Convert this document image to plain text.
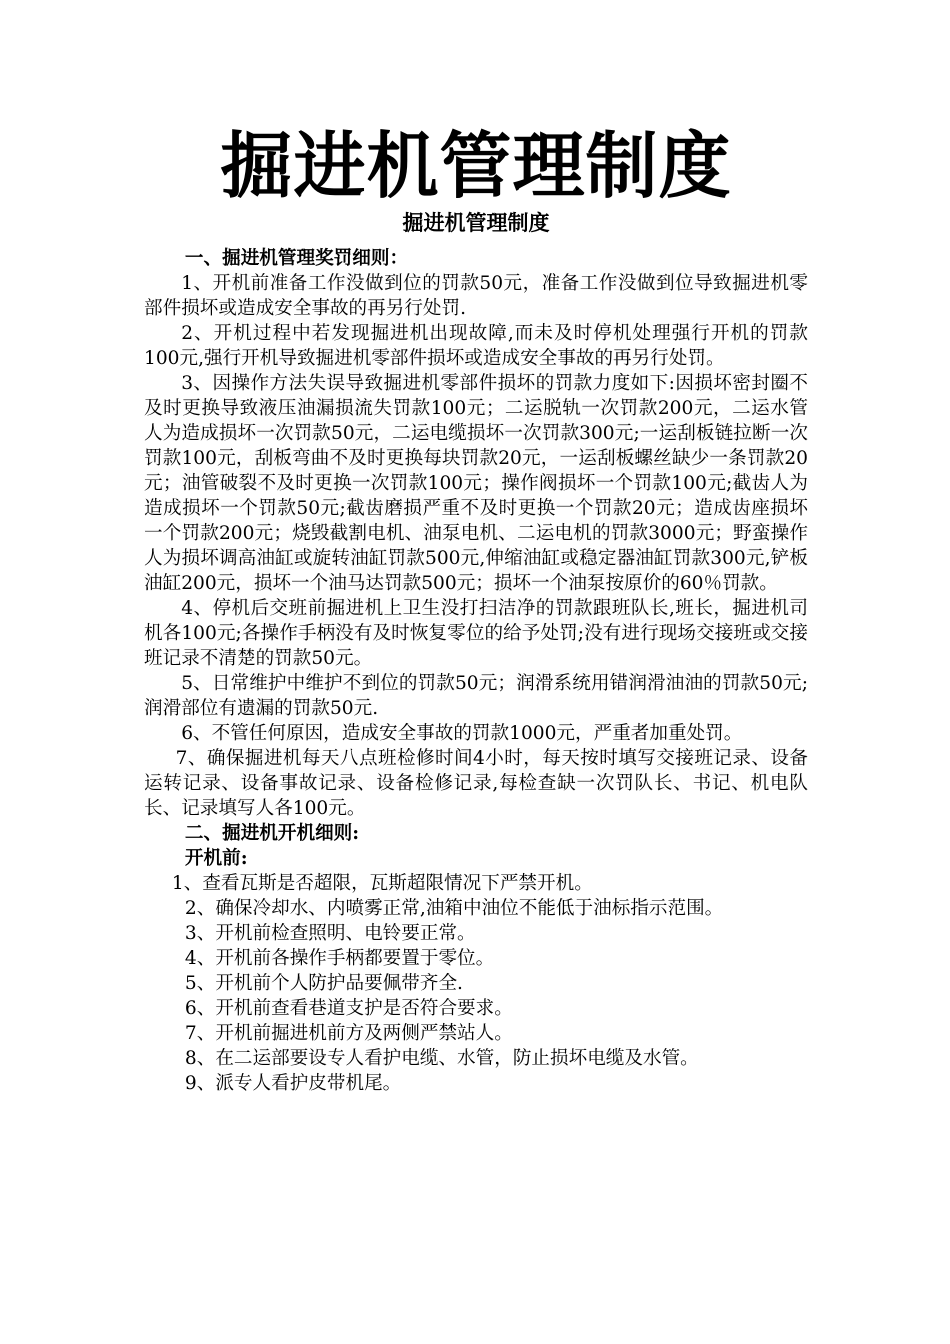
掘进机管理制度
掘进机管理制度

一、掘进机管理奖罚细则：

1、开机前准备工作没做到位的罚款50元，准备工作没做到位导致掘进机零部件损坏或造成安全事故的再另行处罚.

2、开机过程中若发现掘进机出现故障,而未及时停机处理强行开机的罚款100元,强行开机导致掘进机零部件损坏或造成安全事故的再另行处罚。

3、因操作方法失误导致掘进机零部件损坏的罚款力度如下:因损坏密封圈不及时更换导致液压油漏损流失罚款100元；二运脱轨一次罚款200元，二运水管人为造成损坏一次罚款50元，二运电缆损坏一次罚款300元;一运刮板链拉断一次罚款100元，刮板弯曲不及时更换每块罚款20元，一运刮板螺丝缺少一条罚款20元；油管破裂不及时更换一次罚款100元；操作阀损坏一个罚款100元;截齿人为造成损坏一个罚款50元;截齿磨损严重不及时更换一个罚款20元；造成齿座损坏一个罚款200元；烧毁截割电机、油泵电机、二运电机的罚款3000元；野蛮操作人为损坏调高油缸或旋转油缸罚款500元,伸缩油缸或稳定器油缸罚款300元,铲板油缸200元，损坏一个油马达罚款500元；损坏一个油泵按原价的60％罚款。

4、停机后交班前掘进机上卫生没打扫洁净的罚款跟班队长,班长，掘进机司机各100元;各操作手柄没有及时恢复零位的给予处罚;没有进行现场交接班或交接班记录不清楚的罚款50元。

5、日常维护中维护不到位的罚款50元；润滑系统用错润滑油油的罚款50元;润滑部位有遗漏的罚款50元.

6、不管任何原因，造成安全事故的罚款1000元，严重者加重处罚。

7、确保掘进机每天八点班检修时间4小时，每天按时填写交接班记录、设备运转记录、设备事故记录、设备检修记录,每检查缺一次罚队长、书记、机电队长、记录填写人各100元。

二、掘进机开机细则:

开机前:

1、查看瓦斯是否超限，瓦斯超限情况下严禁开机。

2、确保冷却水、内喷雾正常,油箱中油位不能低于油标指示范围。

3、开机前检查照明、电铃要正常。

4、开机前各操作手柄都要置于零位。

5、开机前个人防护品要佩带齐全.

6、开机前查看巷道支护是否符合要求。

7、开机前掘进机前方及两侧严禁站人。

8、在二运部要设专人看护电缆、水管，防止损坏电缆及水管。

9、派专人看护皮带机尾。
